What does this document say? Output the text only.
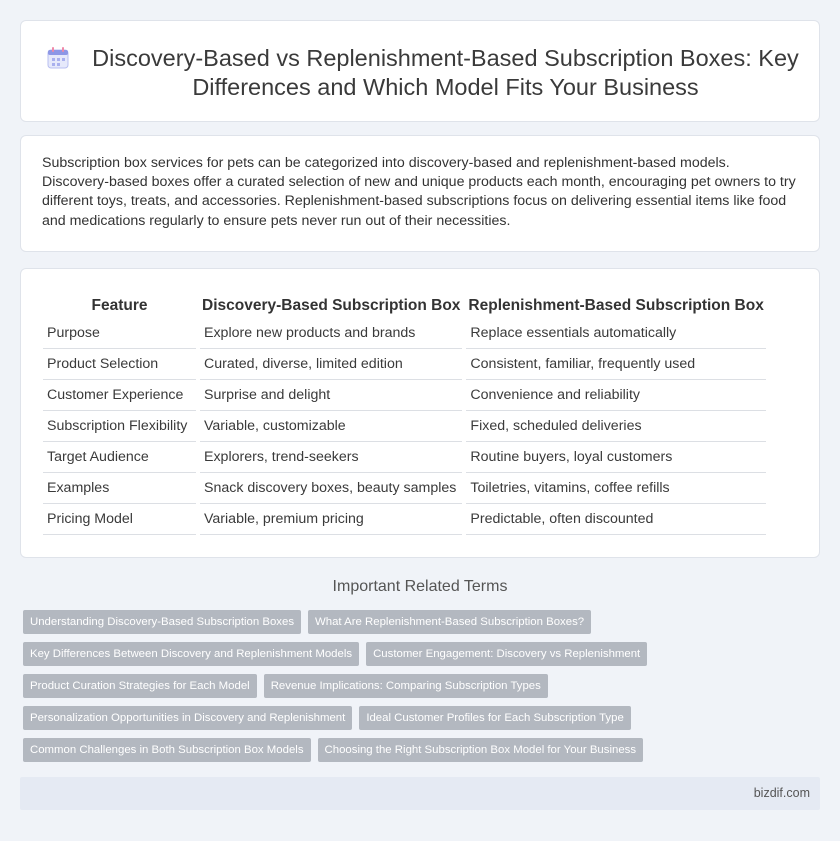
Discovery-Based vs Replenishment-Based Subscription Boxes: Key Differences and Which Model Fits Your Business

Subscription box services for pets can be categorized into discovery-based and replenishment-based models. Discovery-based boxes offer a curated selection of new and unique products each month, encouraging pet owners to try different toys, treats, and accessories. Replenishment-based subscriptions focus on delivering essential items like food and medications regularly to ensure pets never run out of their necessities.

Feature	Discovery-Based Subscription Box	Replenishment-Based Subscription Box
Purpose	Explore new products and brands	Replace essentials automatically
Product Selection	Curated, diverse, limited edition	Consistent, familiar, frequently used
Customer Experience	Surprise and delight	Convenience and reliability
Subscription Flexibility	Variable, customizable	Fixed, scheduled deliveries
Target Audience	Explorers, trend-seekers	Routine buyers, loyal customers
Examples	Snack discovery boxes, beauty samples	Toiletries, vitamins, coffee refills
Pricing Model	Variable, premium pricing	Predictable, often discounted
Important Related Terms
Understanding Discovery-Based Subscription Boxes	What Are Replenishment-Based Subscription Boxes?
Key Differences Between Discovery and Replenishment Models	Customer Engagement: Discovery vs Replenishment
Product Curation Strategies for Each Model	Revenue Implications: Comparing Subscription Types
Personalization Opportunities in Discovery and Replenishment	Ideal Customer Profiles for Each Subscription Type
Common Challenges in Both Subscription Box Models	Choosing the Right Subscription Box Model for Your Business
bizdif.com
